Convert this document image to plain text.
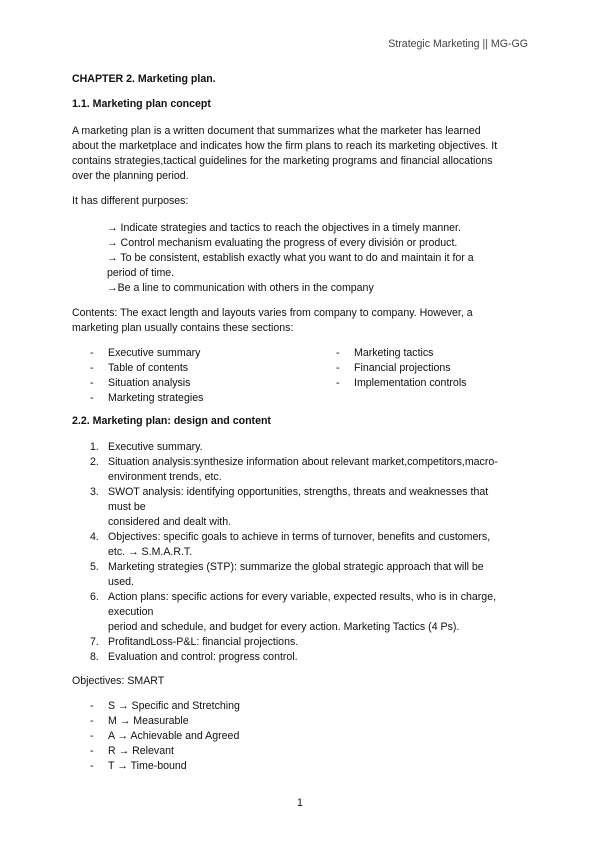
Strategic Marketing || MG-GG
CHAPTER 2. Marketing plan.
1.1. Marketing plan concept
A marketing plan is a written document that summarizes what the marketer has learned
about the marketplace and indicates how the firm plans to reach its marketing objectives. It
contains strategies,tactical guidelines for the marketing programs and financial allocations
over the planning period.
It has different purposes:
→ Indicate strategies and tactics to reach the objectives in a timely manner.
→ Control mechanism evaluating the progress of every división or product.
→ To be consistent, establish exactly what you want to do and maintain it for a
period of time.
→Be a line to communication with others in the company
Contents: The exact length and layouts varies from company to company. However, a
marketing plan usually contains these sections:
- Executive summary
- Table of contents
- Situation analysis
- Marketing strategies
- Marketing tactics
- Financial projections
- Implementation controls
2.2. Marketing plan: design and content
1. Executive summary.
2. Situation analysis:synthesize information about relevant market,competitors,macro-
environment trends, etc.
3. SWOT analysis: identifying opportunities, strengths, threats and weaknesses that
must be
considered and dealt with.
4. Objectives: specific goals to achieve in terms of turnover, benefits and customers,
etc. → S.M.A.R.T.
5. Marketing strategies (STP): summarize the global strategic approach that will be
used.
6. Action plans: specific actions for every variable, expected results, who is in charge,
execution
period and schedule, and budget for every action. Marketing Tactics (4 Ps).
7. ProfitandLoss-P&L: financial projections.
8. Evaluation and control: progress control.
Objectives: SMART
- S → Specific and Stretching
- M → Measurable
- A → Achievable and Agreed
- R → Relevant
- T → Time-bound
1
